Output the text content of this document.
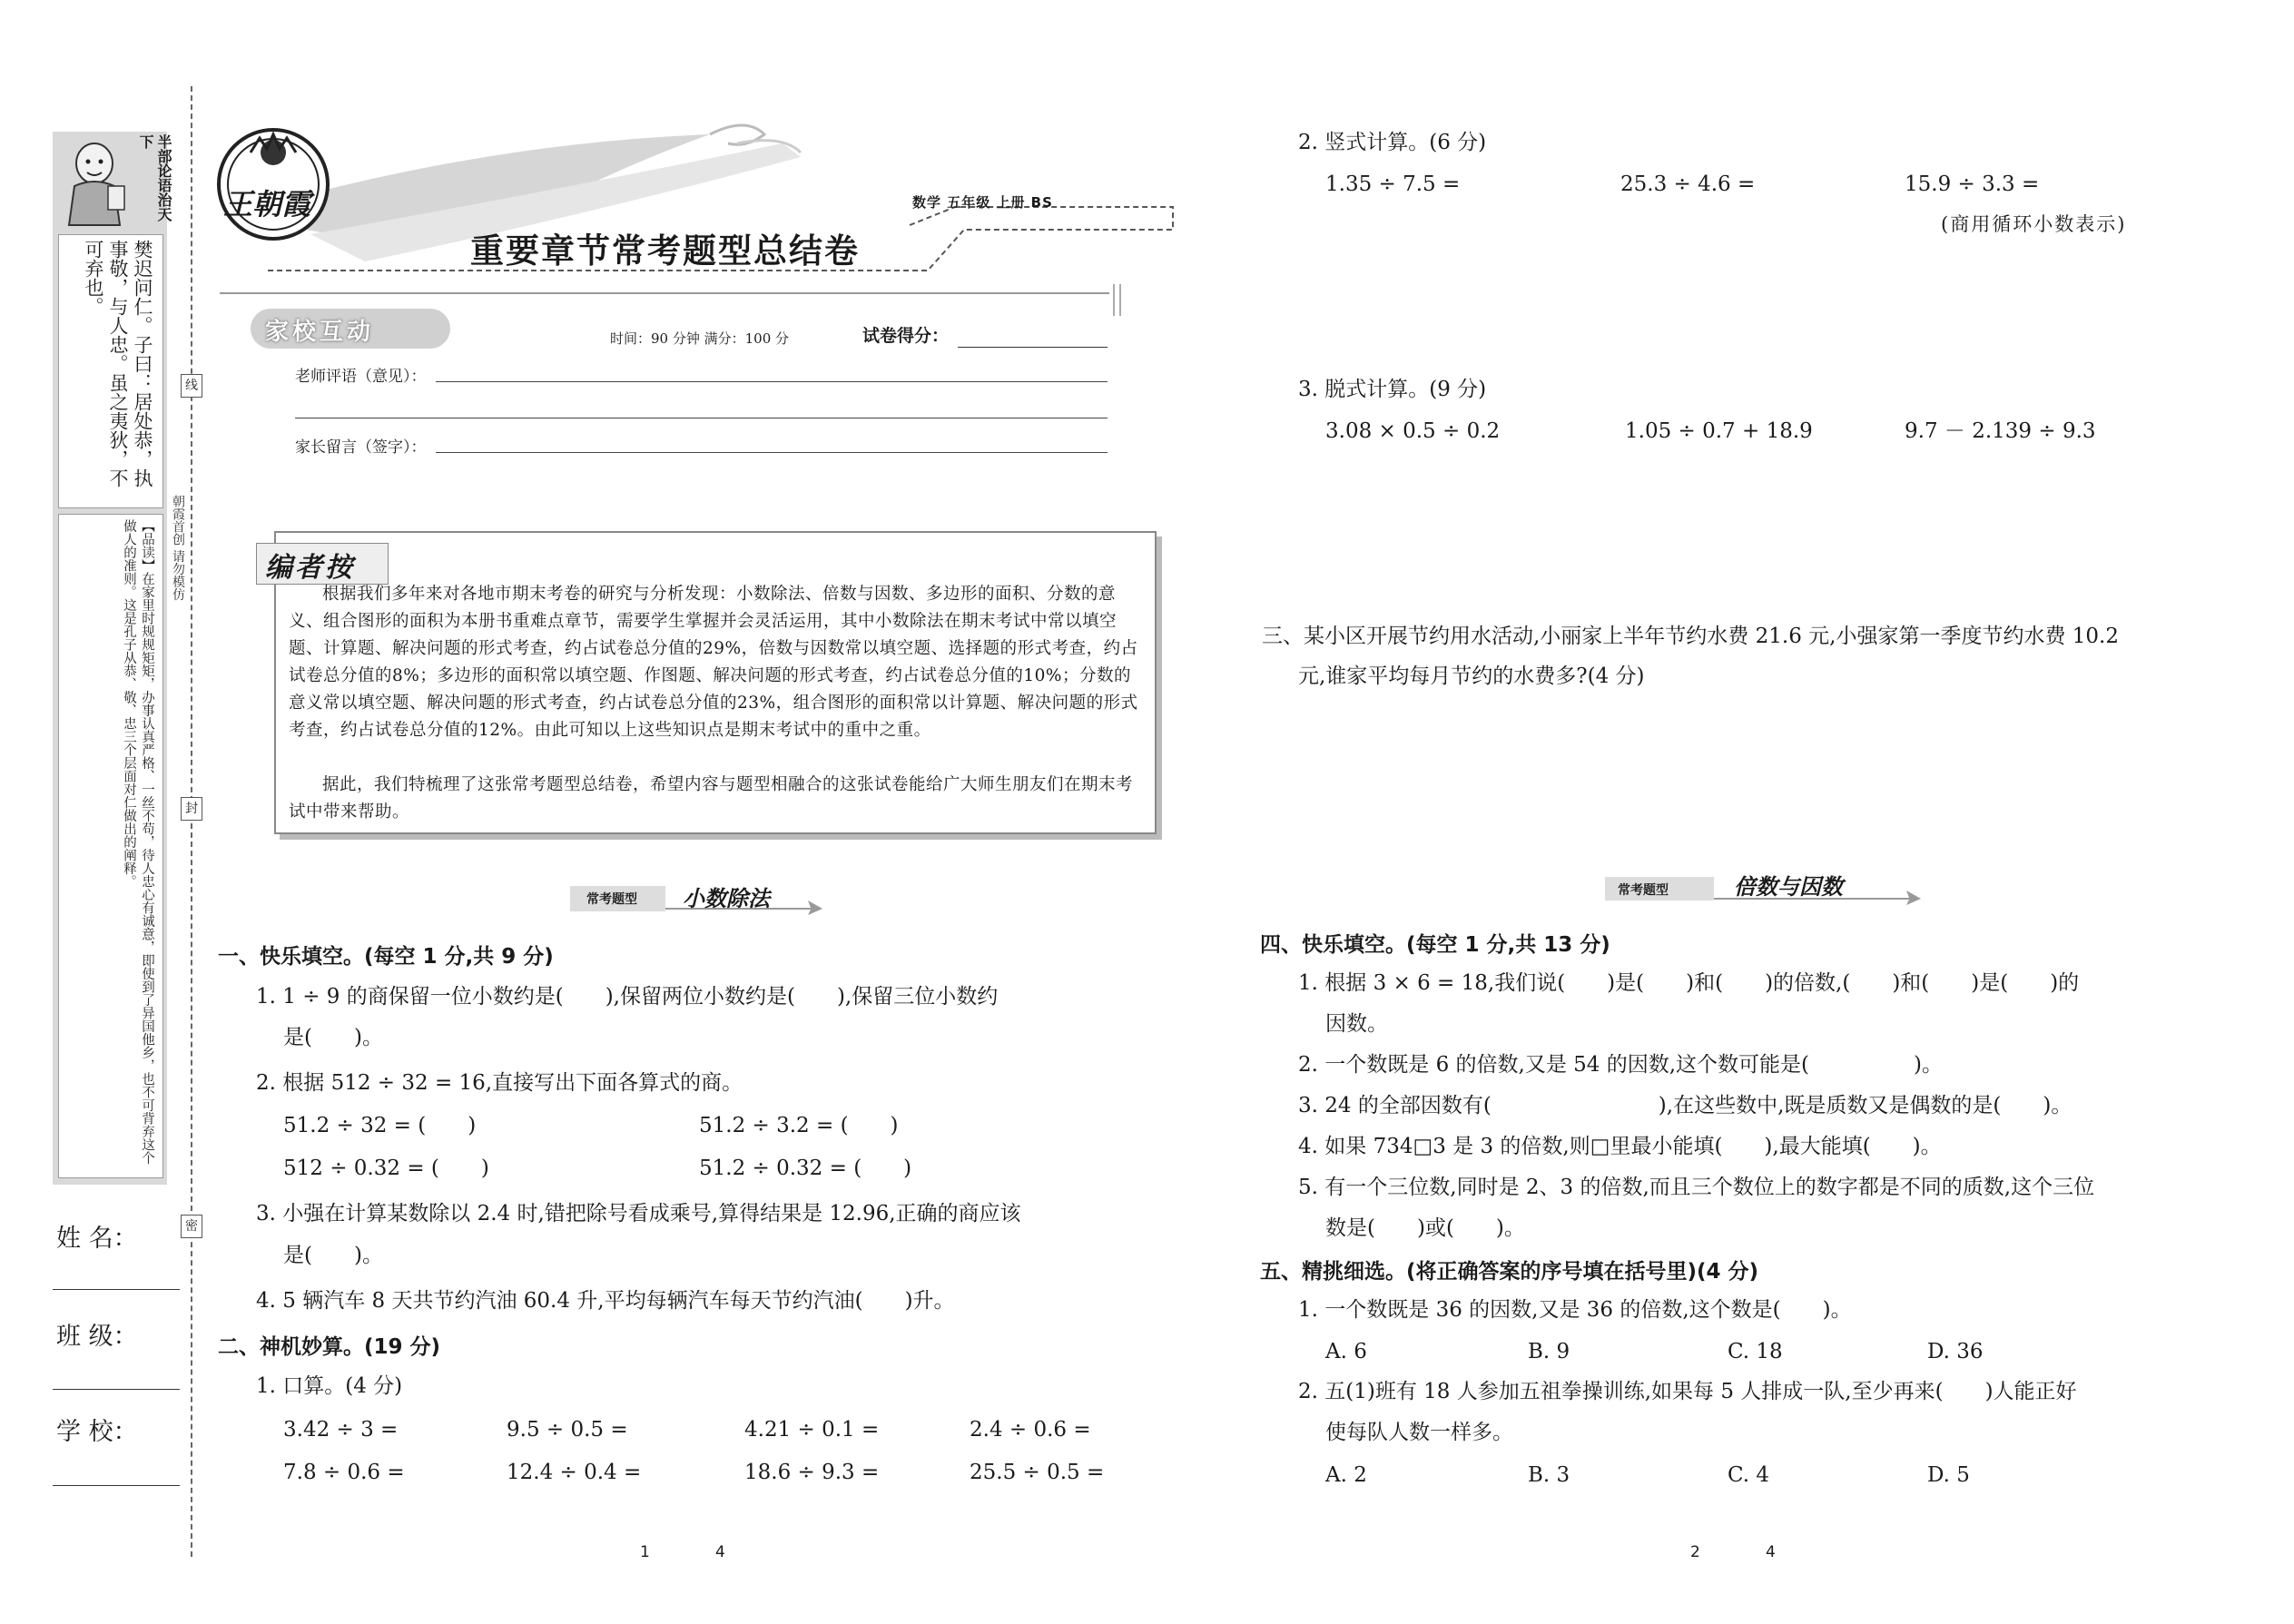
半部论语治天下
樊迟问仁。子曰：居处恭，执事敬，与人忠。虽之夷狄，不可弃也。
【品读】在家里时规规矩矩，办事认真严格、一丝不苟，待人忠心有诚意，即使到了异国他乡，也不可背弃这个做人的准则。这是孔子从恭、敬、忠三个层面对仁做出的阐释。
姓 名：
班 级：
学 校：
线
封
密
朝霞首创 请勿模仿
王朝霞	数学 五年级 上册 BS
重要章节常考题型总结卷
家校互动	时间：90 分钟 满分：100 分	试卷得分：
老师评语（意见）：
家长留言（签字）：
编者按
根据我们多年来对各地市期末考卷的研究与分析发现：小数除法、倍数与因数、多边形的面积、分数的意义、组合图形的面积为本册书重难点章节，需要学生掌握并会灵活运用，其中小数除法在期末考试中常以填空题、计算题、解决问题的形式考查，约占试卷总分值的29%，倍数与因数常以填空题、选择题的形式考查，约占试卷总分值的8%；多边形的面积常以填空题、作图题、解决问题的形式考查，约占试卷总分值的10%；分数的意义常以填空题、解决问题的形式考查，约占试卷总分值的23%，组合图形的面积常以计算题、解决问题的形式考查，约占试卷总分值的12%。由此可知以上这些知识点是期末考试中的重中之重。
据此，我们特梳理了这张常考题型总结卷，希望内容与题型相融合的这张试卷能给广大师生朋友们在期末考试中带来帮助。
常考题型 小数除法
一、快乐填空。(每空 1 分,共 9 分)
1. 1 ÷ 9 的商保留一位小数约是(　　),保留两位小数约是(　　),保留三位小数约
是(　　)。
2. 根据 512 ÷ 32 = 16,直接写出下面各算式的商。
51.2 ÷ 32 = (　　)	51.2 ÷ 3.2 = (　　)
512 ÷ 0.32 = (　　)	51.2 ÷ 0.32 = (　　)
3. 小强在计算某数除以 2.4 时,错把除号看成乘号,算得结果是 12.96,正确的商应该
是(　　)。
4. 5 辆汽车 8 天共节约汽油 60.4 升,平均每辆汽车每天节约汽油(　　)升。
二、神机妙算。(19 分)
1. 口算。(4 分)
3.42 ÷ 3 =	9.5 ÷ 0.5 =	4.21 ÷ 0.1 =	2.4 ÷ 0.6 =
7.8 ÷ 0.6 =	12.4 ÷ 0.4 =	18.6 ÷ 9.3 =	25.5 ÷ 0.5 =
1	4
2. 竖式计算。(6 分)
1.35 ÷ 7.5 =	25.3 ÷ 4.6 =	15.9 ÷ 3.3 =
(商用循环小数表示)
3. 脱式计算。(9 分)
3.08 × 0.5 ÷ 0.2	1.05 ÷ 0.7 + 18.9	9.7 － 2.139 ÷ 9.3
三、某小区开展节约用水活动,小丽家上半年节约水费 21.6 元,小强家第一季度节约水费 10.2
元,谁家平均每月节约的水费多?(4 分)
常考题型	倍数与因数
四、快乐填空。(每空 1 分,共 13 分)
1. 根据 3 × 6 = 18,我们说(　　)是(　　)和(　　)的倍数,(　　)和(　　)是(　　)的
因数。
2. 一个数既是 6 的倍数,又是 54 的因数,这个数可能是(　　　　　)。
3. 24 的全部因数有(　　　　　　　　),在这些数中,既是质数又是偶数的是(　　)。
4. 如果 734□3 是 3 的倍数,则□里最小能填(　　),最大能填(　　)。
5. 有一个三位数,同时是 2、3 的倍数,而且三个数位上的数字都是不同的质数,这个三位
数是(　　)或(　　)。
五、精挑细选。(将正确答案的序号填在括号里)(4 分)
1. 一个数既是 36 的因数,又是 36 的倍数,这个数是(　　)。
A. 6	B. 9	C. 18	D. 36
2. 五(1)班有 18 人参加五祖拳操训练,如果每 5 人排成一队,至少再来(　　)人能正好
使每队人数一样多。
A. 2	B. 3	C. 4	D. 5
2	4
